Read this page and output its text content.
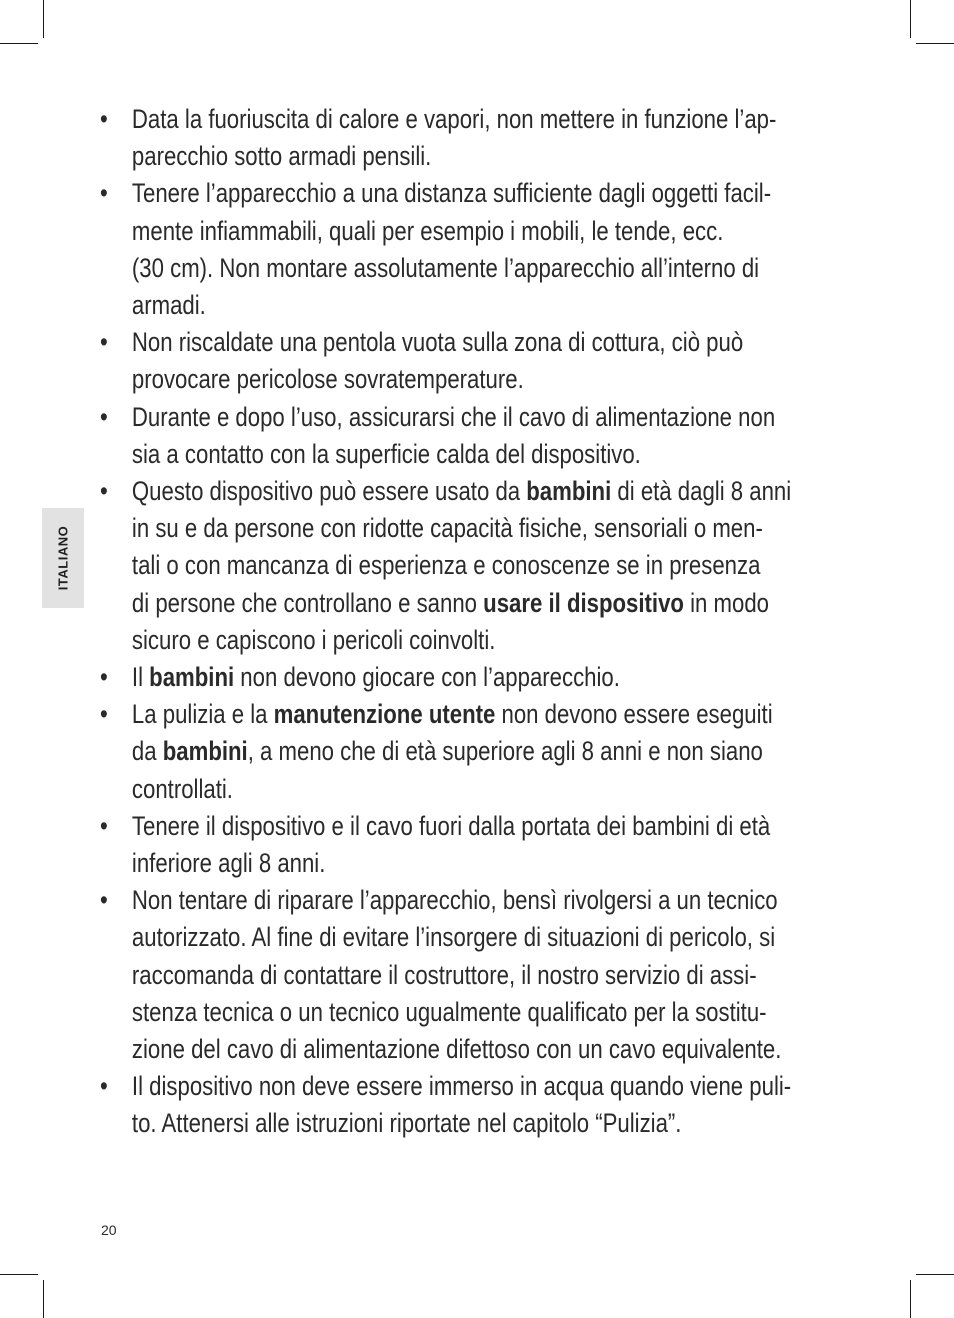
ITALIANO
• Data la fuoriuscita di calore e vapori, non mettere in funzione l’ap-
parecchio sotto armadi pensili.
• Tenere l’apparecchio a una distanza sufficiente dagli oggetti facil-
mente infiammabili, quali per esempio i mobili, le tende, ecc.
(30 cm). Non montare assolutamente l’apparecchio all’interno di
armadi.
• Non riscaldate una pentola vuota sulla zona di cottura, ciò può
provocare pericolose sovratemperature.
• Durante e dopo l’uso, assicurarsi che il cavo di alimentazione non
sia a contatto con la superficie calda del dispositivo.
• Questo dispositivo può essere usato da bambini di età dagli 8 anni
in su e da persone con ridotte capacità fisiche, sensoriali o men-
tali o con mancanza di esperienza e conoscenze se in presenza
di persone che controllano e sanno usare il dispositivo in modo
sicuro e capiscono i pericoli coinvolti.
• Il bambini non devono giocare con l’apparecchio.
• La pulizia e la manutenzione utente non devono essere eseguiti
da bambini, a meno che di età superiore agli 8 anni e non siano
controllati.
• Tenere il dispositivo e il cavo fuori dalla portata dei bambini di età
inferiore agli 8 anni.
• Non tentare di riparare l’apparecchio, bensì rivolgersi a un tecnico
autorizzato. Al fine di evitare l’insorgere di situazioni di pericolo, si
raccomanda di contattare il costruttore, il nostro servizio di assi-
stenza tecnica o un tecnico ugualmente qualificato per la sostitu-
zione del cavo di alimentazione difettoso con un cavo equivalente.
• Il dispositivo non deve essere immerso in acqua quando viene puli-
to. Attenersi alle istruzioni riportate nel capitolo “Pulizia”.
20
